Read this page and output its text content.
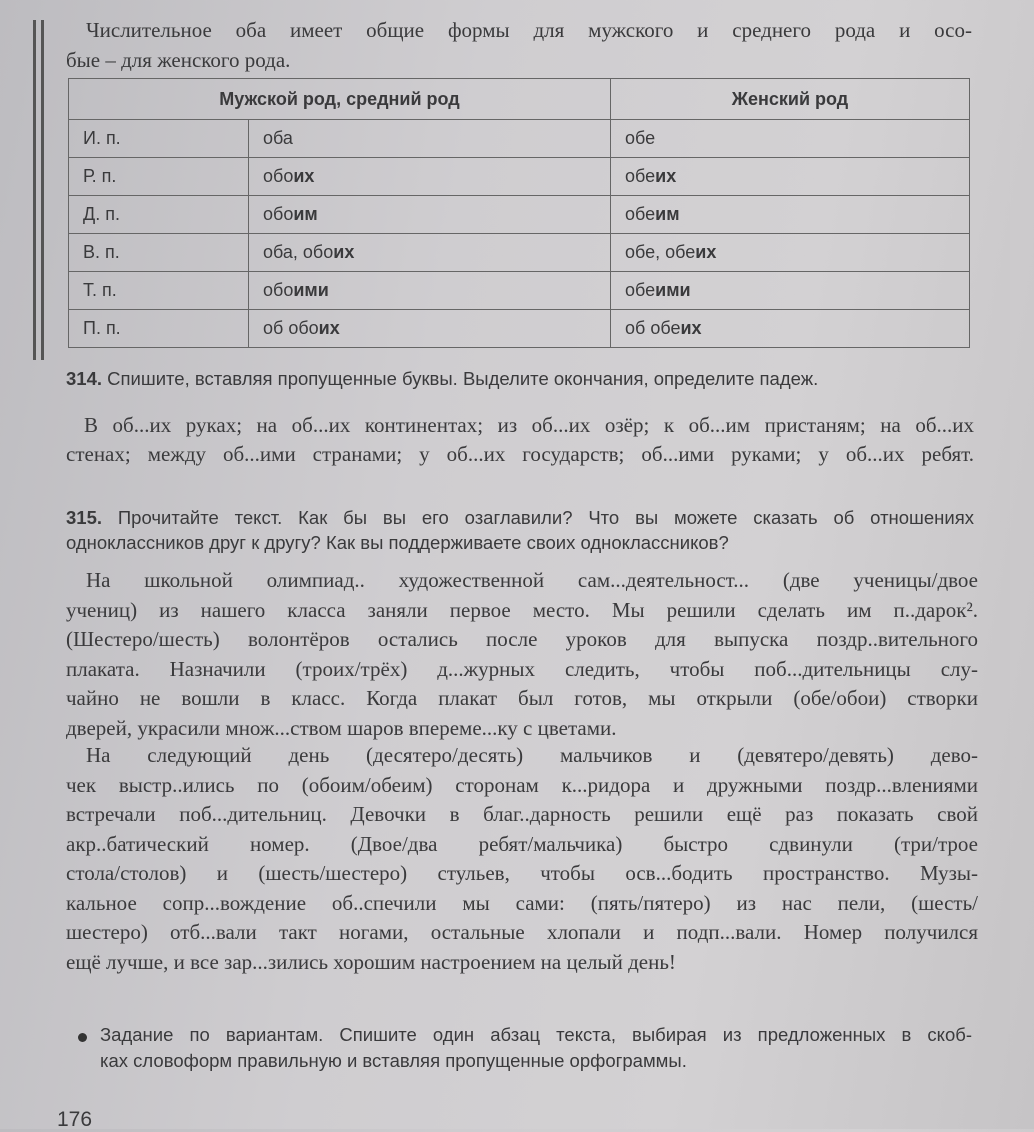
Числительное оба имеет общие формы для мужского и среднего рода и осо-
бые – для женского рода.
Мужской род, средний род		Женский род
И. п.	оба	обе
Р. п.	обоих	обеих
Д. п.	обоим	обеим
В. п.	оба, обоих	обе, обеих
Т. п.	обоими	обеими
П. п.	об обоих	об обеих
314. Спишите, вставляя пропущенные буквы. Выделите окончания, определите падеж.
В об...их руках; на об...их континентах; из об...их озёр; к об...им пристаням; на об...их
стенах; между об...ими странами; у об...их государств; об...ими руками; у об...их ребят.
315. Прочитайте текст. Как бы вы его озаглавили? Что вы можете сказать об отношениях
одноклассников друг к другу? Как вы поддерживаете своих одноклассников?
На школьной олимпиад.. художественной сам...деятельност... (две ученицы/двое
учениц) из нашего класса заняли первое место. Мы решили сделать им п..дарок².
(Шестеро/шесть) волонтёров остались после уроков для выпуска поздр..вительного
плаката. Назначили (троих/трёх) д...журных следить, чтобы поб...дительницы слу-
чайно не вошли в класс. Когда плакат был готов, мы открыли (обе/обои) створки
дверей, украсили множ...ством шаров впереме...ку с цветами.
На следующий день (десятеро/десять) мальчиков и (девятеро/девять) дево-
чек выстр..ились по (обоим/обеим) сторонам к...ридора и дружными поздр...влениями
встречали поб...дительниц. Девочки в благ..дарность решили ещё раз показать свой
акр..батический номер. (Двое/два ребят/мальчика) быстро сдвинули (три/трое
стола/столов) и (шесть/шестеро) стульев, чтобы осв...бодить пространство. Музы-
кальное сопр...вождение об..спечили мы сами: (пять/пятеро) из нас пели, (шесть/
шестеро) отб...вали такт ногами, остальные хлопали и подп...вали. Номер получился
ещё лучше, и все зар...зились хорошим настроением на целый день!
Задание по вариантам. Спишите один абзац текста, выбирая из предложенных в скоб-
ках словоформ правильную и вставляя пропущенные орфограммы.
176
